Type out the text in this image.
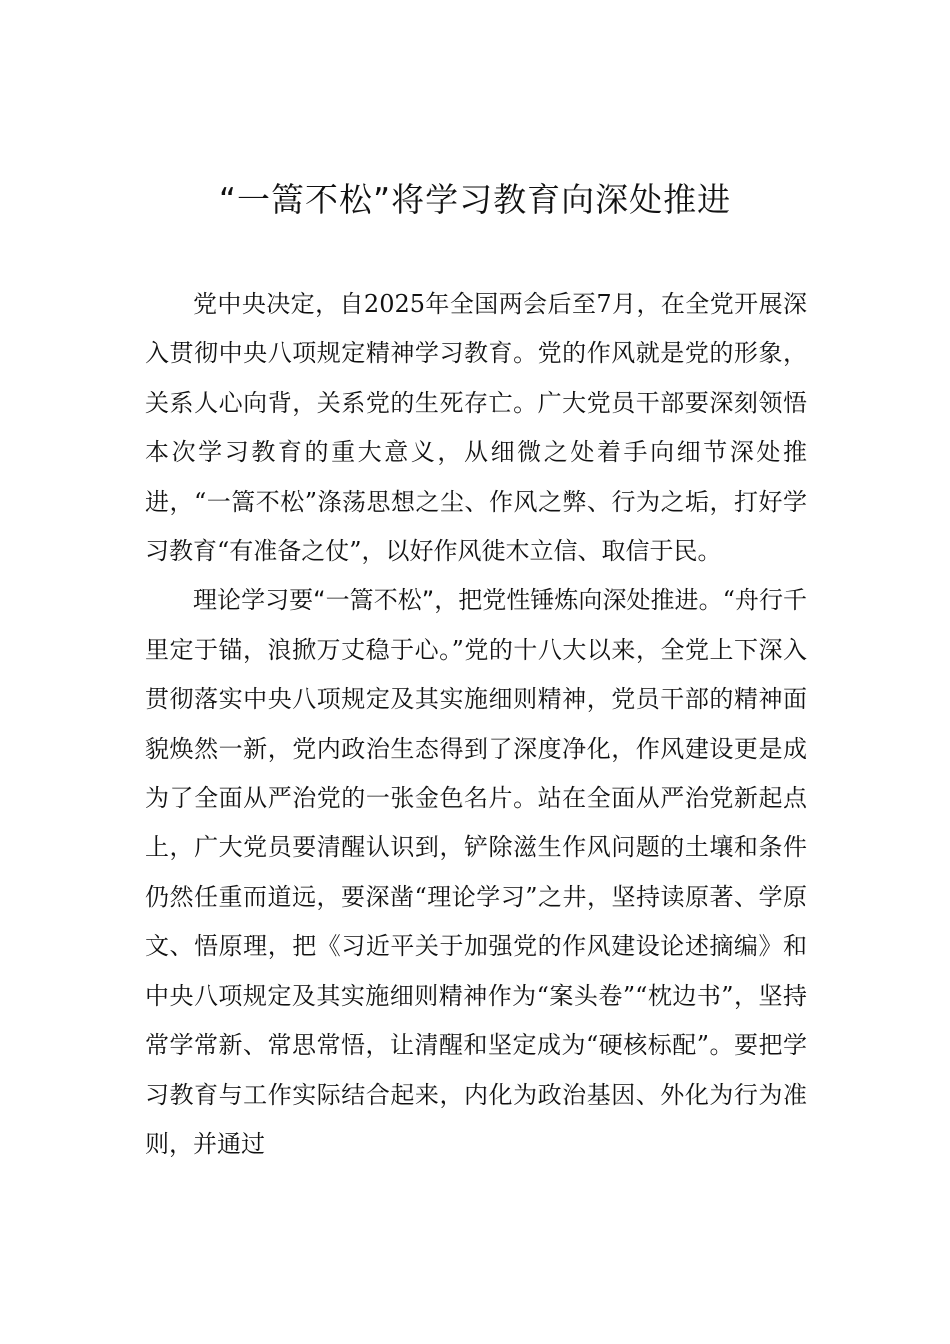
“一篙不松”将学习教育向深处推进

党中央决定，自2025年全国两会后至7月，在全党开展深入贯彻中央八项规定精神学习教育。党的作风就是党的形象，关系人心向背，关系党的生死存亡。广大党员干部要深刻领悟本次学习教育的重大意义，从细微之处着手向细节深处推进，“一篙不松”涤荡思想之尘、作风之弊、行为之垢，打好学习教育“有准备之仗”，以好作风徙木立信、取信于民。

理论学习要“一篙不松”，把党性锤炼向深处推进。“舟行千里定于锚，浪掀万丈稳于心。”党的十八大以来，全党上下深入贯彻落实中央八项规定及其实施细则精神，党员干部的精神面貌焕然一新，党内政治生态得到了深度净化，作风建设更是成为了全面从严治党的一张金色名片。站在全面从严治党新起点上，广大党员要清醒认识到，铲除滋生作风问题的土壤和条件仍然任重而道远，要深凿“理论学习”之井，坚持读原著、学原文、悟原理，把《习近平关于加强党的作风建设论述摘编》和中央八项规定及其实施细则精神作为“案头卷”“枕边书”，坚持常学常新、常思常悟，让清醒和坚定成为“硬核标配”。要把学习教育与工作实际结合起来，内化为政治基因、外化为行为准则，并通过
